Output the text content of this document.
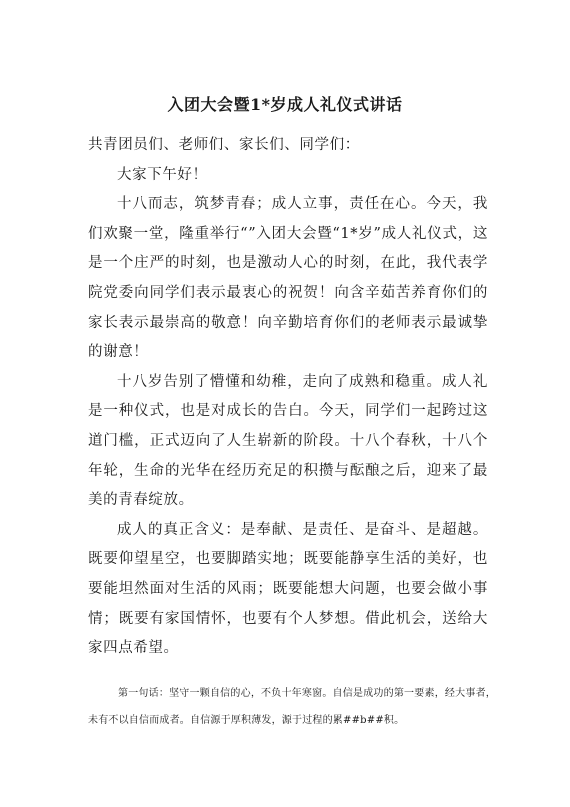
入团大会暨1*岁成人礼仪式讲话

共青团员们、老师们、家长们、同学们：

大家下午好！

十八而志，筑梦青春；成人立事，责任在心。今天，我们欢聚一堂，隆重举行“”入团大会暨“1*岁”成人礼仪式，这是一个庄严的时刻，也是激动人心的时刻，在此，我代表学院党委向同学们表示最衷心的祝贺！向含辛茹苦养育你们的家长表示最崇高的敬意！向辛勤培育你们的老师表示最诚挚的谢意！

十八岁告别了懵懂和幼稚，走向了成熟和稳重。成人礼是一种仪式，也是对成长的告白。今天，同学们一起跨过这道门槛，正式迈向了人生崭新的阶段。十八个春秋，十八个年轮，生命的光华在经历充足的积攒与酝酿之后，迎来了最美的青春绽放。

成人的真正含义：是奉献、是责任、是奋斗、是超越。既要仰望星空，也要脚踏实地；既要能静享生活的美好，也要能坦然面对生活的风雨；既要能想大问题，也要会做小事情；既要有家国情怀，也要有个人梦想。借此机会，送给大家四点希望。

第一句话：坚守一颗自信的心，不负十年寒窗。自信是成功的第一要素，经大事者，未有不以自信而成者。自信源于厚积薄发，源于过程的累##b##积。
